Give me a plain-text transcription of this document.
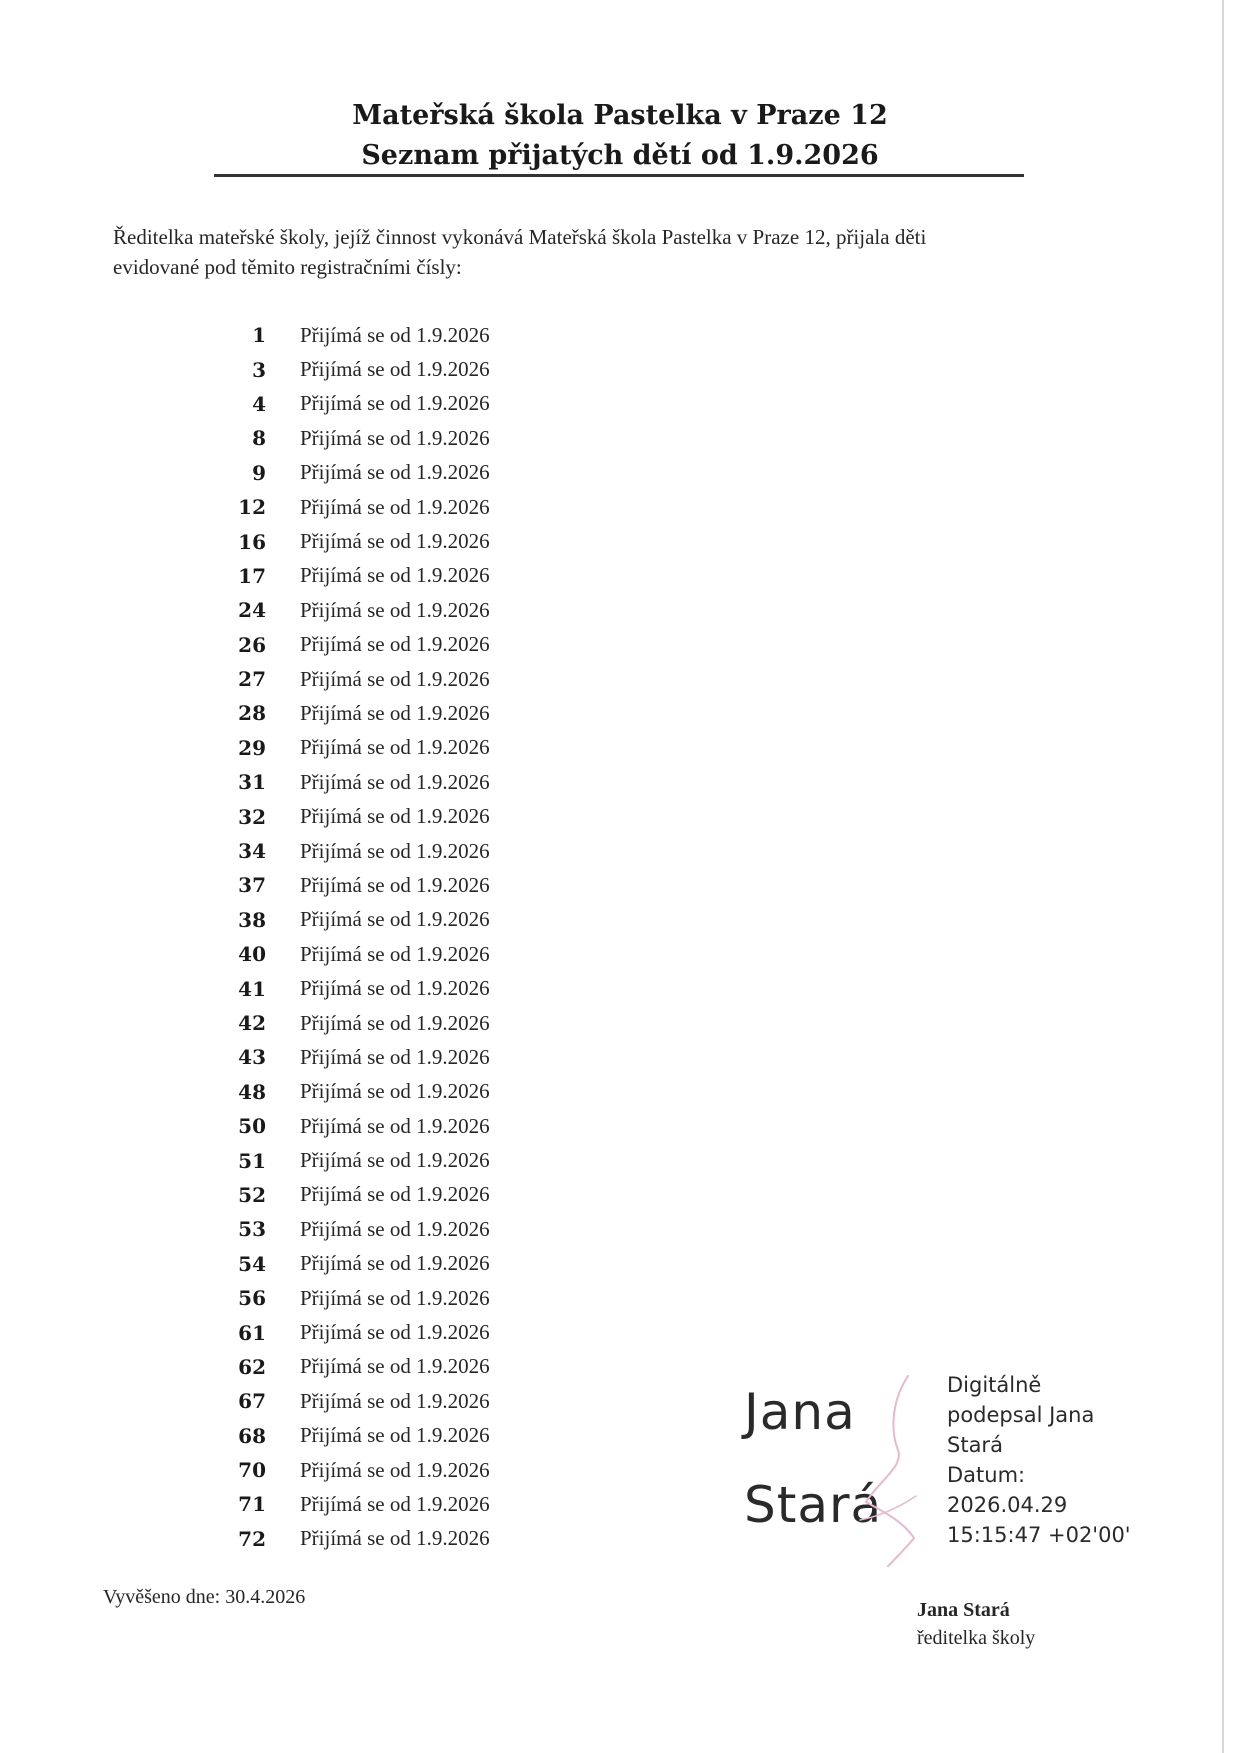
Mateřská škola Pastelka v Praze 12
Seznam přijatých dětí od 1.9.2026
Ředitelka mateřské školy, jejíž činnost vykonává Mateřská škola Pastelka v Praze 12, přijala děti
evidované pod těmito registračními čísly:
1 Přijímá se od 1.9.2026
3 Přijímá se od 1.9.2026
4 Přijímá se od 1.9.2026
8 Přijímá se od 1.9.2026
9 Přijímá se od 1.9.2026
12 Přijímá se od 1.9.2026
16 Přijímá se od 1.9.2026
17 Přijímá se od 1.9.2026
24 Přijímá se od 1.9.2026
26 Přijímá se od 1.9.2026
27 Přijímá se od 1.9.2026
28 Přijímá se od 1.9.2026
29 Přijímá se od 1.9.2026
31 Přijímá se od 1.9.2026
32 Přijímá se od 1.9.2026
34 Přijímá se od 1.9.2026
37 Přijímá se od 1.9.2026
38 Přijímá se od 1.9.2026
40 Přijímá se od 1.9.2026
41 Přijímá se od 1.9.2026
42 Přijímá se od 1.9.2026
43 Přijímá se od 1.9.2026
48 Přijímá se od 1.9.2026
50 Přijímá se od 1.9.2026
51 Přijímá se od 1.9.2026
52 Přijímá se od 1.9.2026
53 Přijímá se od 1.9.2026
54 Přijímá se od 1.9.2026
56 Přijímá se od 1.9.2026
61 Přijímá se od 1.9.2026
62 Přijímá se od 1.9.2026
67 Přijímá se od 1.9.2026
68 Přijímá se od 1.9.2026
70 Přijímá se od 1.9.2026
71 Přijímá se od 1.9.2026
72 Přijímá se od 1.9.2026
Vyvěšeno dne: 30.4.2026
Jana
Stará
Digitálně
podepsal Jana
Stará
Datum:
2026.04.29
15:15:47 +02'00'
Jana Stará
ředitelka školy
